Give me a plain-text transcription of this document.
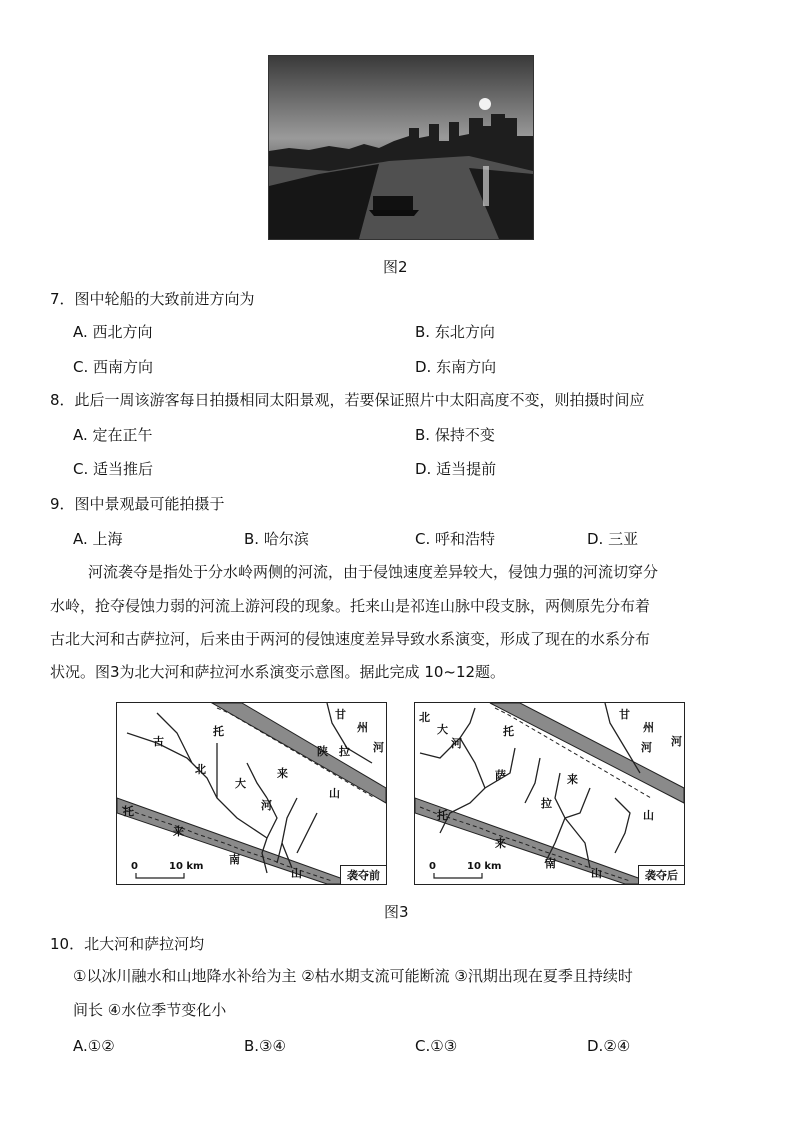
图2
7．图中轮船的大致前进方向为
A. 西北方向	B. 东北方向
C. 西南方向	D. 东南方向
8．此后一周该游客每日拍摄相同太阳景观，若要保证照片中太阳高度不变，则拍摄时间应
A. 定在正午	B. 保持不变
C. 适当推后	D. 适当提前
9．图中景观最可能拍摄于
A. 上海	B. 哈尔滨	C. 呼和浩特	D. 三亚
河流袭夺是指处于分水岭两侧的河流，由于侵蚀速度差异较大，侵蚀力强的河流切穿分
水岭，抢夺侵蚀力弱的河流上游河段的现象。托来山是祁连山脉中段支脉，两侧原先分布着
古北大河和古萨拉河，后来由于两河的侵蚀速度差异导致水系演变，形成了现在的水系分布
状况。图3为北大河和萨拉河水系演变示意图。据此完成 10~12题。
甘
州
河
古
托
陕 拉
北
大
来
河
山
托
来
南
山
0	10 km
袭夺前
北
大
河
甘
州
托
河 河
萨	来
拉
山
托
来
南
山
0	10 km
袭夺后
图3
10．北大河和萨拉河均
①以冰川融水和山地降水补给为主 ②枯水期支流可能断流 ③汛期出现在夏季且持续时
间长 ④水位季节变化小
A.①②	B.③④	C.①③	D.②④
